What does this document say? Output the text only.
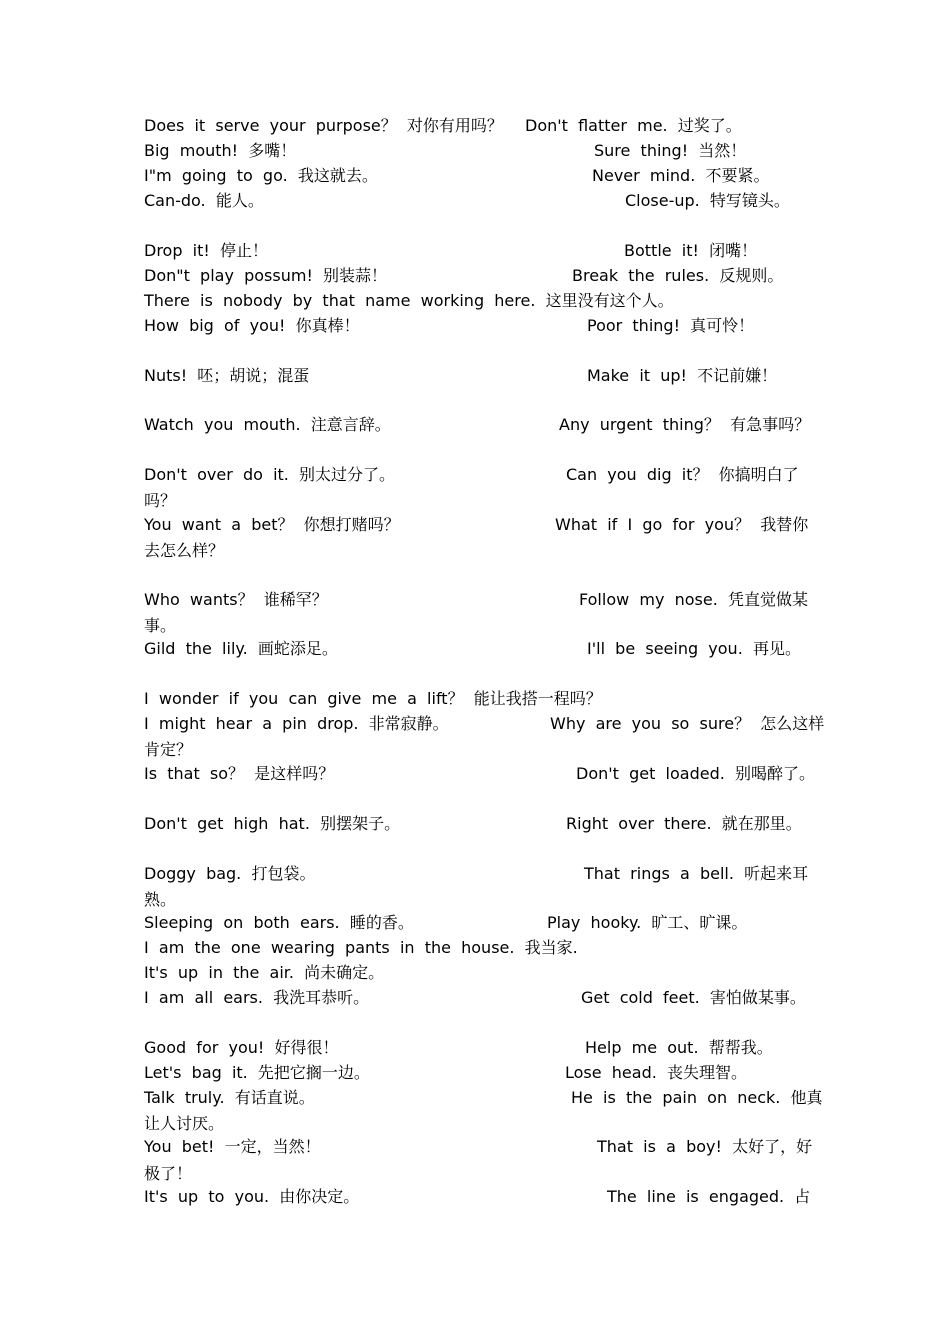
Does  it  serve  your  purpose？  对你有用吗？ Don't  flatter  me.  过奖了。
Big  mouth!  多嘴！	Sure  thing!  当然！
I"m  going  to  go.  我这就去。	Never  mind.  不要紧。
Can-do.  能人。	Close-up.  特写镜头。
Drop  it!  停止！	Bottle  it!  闭嘴！
Don"t  play  possum!  别装蒜！	Break  the  rules.  反规则。
There  is  nobody  by  that  name  working  here.  这里没有这个人。
How  big  of  you!  你真棒！	Poor  thing!  真可怜！
Nuts!  呸；胡说；混蛋	Make  it  up!  不记前嫌！
Watch  you  mouth.  注意言辞。	Any  urgent  thing？  有急事吗？
Don't  over  do  it.  别太过分了。	Can  you  dig  it？  你搞明白了
吗？
You  want  a  bet？  你想打赌吗？	What  if  I  go  for  you？  我替你
去怎么样？
Who  wants？  谁稀罕？	Follow  my  nose.  凭直觉做某
事。
Gild  the  lily.  画蛇添足。	I'll  be  seeing  you.  再见。
I  wonder  if  you  can  give  me  a  lift？  能让我搭一程吗？
I  might  hear  a  pin  drop.  非常寂静。	Why  are  you  so  sure？  怎么这样
肯定？
Is  that  so？  是这样吗？	Don't  get  loaded.  别喝醉了。
Don't  get  high  hat.  别摆架子。	Right  over  there.  就在那里。
Doggy  bag.  打包袋。	That  rings  a  bell.  听起来耳
熟。
Sleeping  on  both  ears.  睡的香。	Play  hooky.  旷工、旷课。
I  am  the  one  wearing  pants  in  the  house.  我当家.
It's  up  in  the  air.  尚未确定。
I  am  all  ears.  我洗耳恭听。	Get  cold  feet.  害怕做某事。
Good  for  you!  好得很！	Help  me  out.  帮帮我。
Let's  bag  it.  先把它搁一边。	Lose  head.  丧失理智。
Talk  truly.  有话直说。	He  is  the  pain  on  neck.  他真
让人讨厌。
You  bet!  一定，当然！	That  is  a  boy!  太好了，好
极了！
It's  up  to  you.  由你决定。	The  line  is  engaged.  占
